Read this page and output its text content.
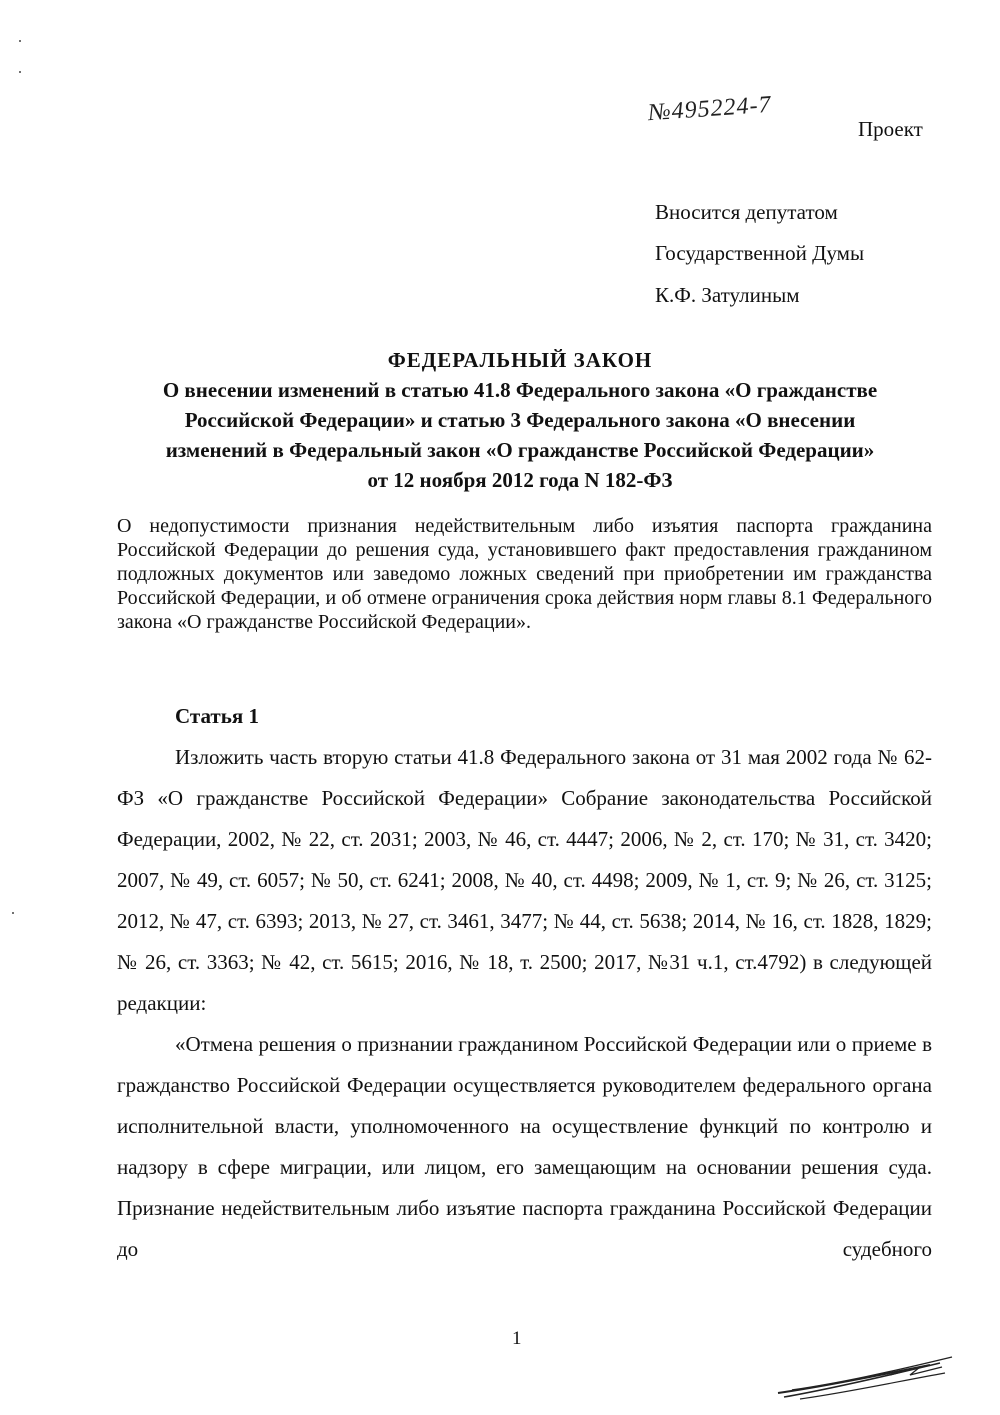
№495224-7
Проект
Вносится депутатом
Государственной Думы
К.Ф. Затулиным
ФЕДЕРАЛЬНЫЙ ЗАКОН
О внесении изменений в статью 41.8 Федерального закона «О гражданстве
Российской Федерации» и статью 3 Федерального закона «О внесении
изменений в Федеральный закон «О гражданстве Российской Федерации»
от 12 ноября 2012 года N 182-ФЗ
О недопустимости признания недействительным либо изъятия паспорта гражданина Российской Федерации до решения суда, установившего факт предоставления гражданином подложных документов или заведомо ложных сведений при приобретении им гражданства Российской Федерации, и об отмене ограничения срока действия норм главы 8.1 Федерального закона «О гражданстве Российской Федерации».
Статья 1

Изложить часть вторую статьи 41.8 Федерального закона от 31 мая 2002 года № 62-ФЗ «О гражданстве Российской Федерации» Собрание законодательства Российской Федерации, 2002, № 22, ст. 2031; 2003, № 46, ст. 4447; 2006, № 2, ст. 170; № 31, ст. 3420; 2007, № 49, ст. 6057; № 50, ст. 6241; 2008, № 40, ст. 4498; 2009, № 1, ст. 9; № 26, ст. 3125; 2012, № 47, ст. 6393; 2013, № 27, ст. 3461, 3477; № 44, ст. 5638; 2014, № 16, ст. 1828, 1829; № 26, ст. 3363; № 42, ст. 5615; 2016, № 18, т. 2500; 2017, №31 ч.1, ст.4792) в следующей редакции:

«Отмена решения о признании гражданином Российской Федерации или о приеме в гражданство Российской Федерации осуществляется руководителем федерального органа исполнительной власти, уполномоченного на осуществление функций по контролю и надзору в сфере миграции, или лицом, его замещающим на основании решения суда. Признание недействительным либо изъятие паспорта гражданина Российской Федерации до судебного

1
